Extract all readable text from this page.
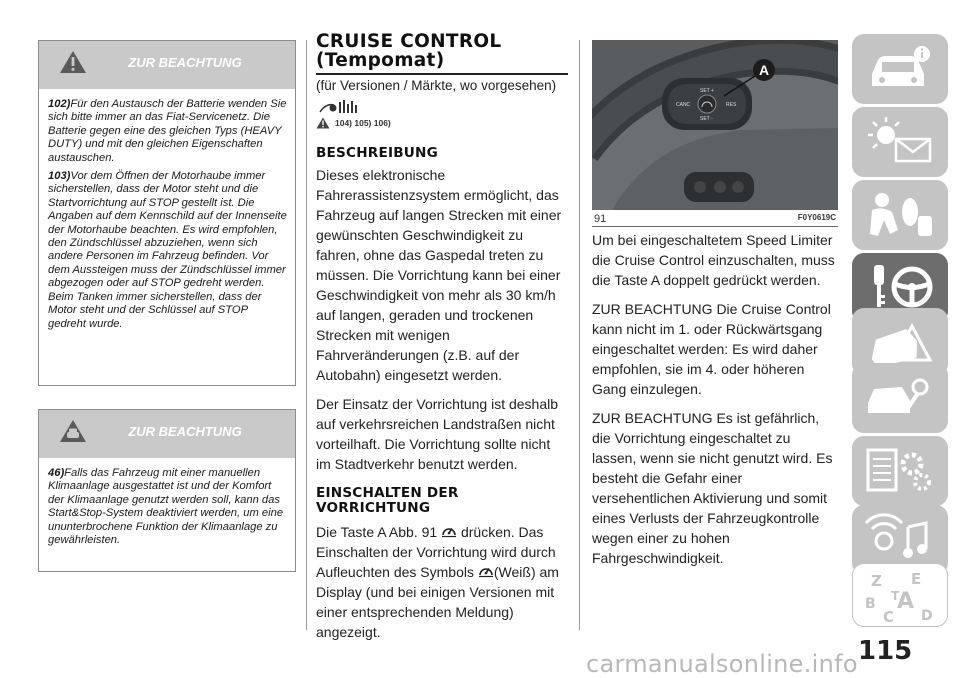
ZUR BEACHTUNG

102)Für den Austausch der Batterie wenden Sie sich bitte immer an das Fiat-Servicenetz. Die Batterie gegen eine des gleichen Typs (HEAVY DUTY) und mit den gleichen Eigenschaften austauschen.

103)Vor dem Öffnen der Motorhaube immer sicherstellen, dass der Motor steht und die Startvorrichtung auf STOP gestellt ist. Die Angaben auf dem Kennschild auf der Innenseite der Motorhaube beachten. Es wird empfohlen, den Zündschlüssel abzuziehen, wenn sich andere Personen im Fahrzeug befinden. Vor dem Aussteigen muss der Zündschlüssel immer abgezogen oder auf STOP gedreht werden. Beim Tanken immer sicherstellen, dass der Motor steht und der Schlüssel auf STOP gedreht wurde.

ZUR BEACHTUNG

46)Falls das Fahrzeug mit einer manuellen Klimaanlage ausgestattet ist und der Komfort der Klimaanlage genutzt werden soll, kann das Start&Stop-System deaktiviert werden, um eine ununterbrochene Funktion der Klimaanlage zu gewährleisten.

CRUISE CONTROL
(Tempomat)
(für Versionen / Märkte, wo vorgesehen)
104) 105) 106)
BESCHREIBUNG
Dieses elektronische Fahrerassistenzsystem ermöglicht, das Fahrzeug auf langen Strecken mit einer gewünschten Geschwindigkeit zu fahren, ohne das Gaspedal treten zu müssen. Die Vorrichtung kann bei einer Geschwindigkeit von mehr als 30 km/h auf langen, geraden und trockenen Strecken mit wenigen Fahrveränderungen (z.B. auf der Autobahn) eingesetzt werden.
Der Einsatz der Vorrichtung ist deshalb auf verkehrsreichen Landstraßen nicht vorteilhaft. Die Vorrichtung sollte nicht im Stadtverkehr benutzt werden.
EINSCHALTEN DER
VORRICHTUNG
Die Taste A Abb. 91 drücken. Das Einschalten der Vorrichtung wird durch Aufleuchten des Symbols (Weiß) am Display (und bei einigen Versionen mit einer entsprechenden Meldung) angezeigt.
SET +
CANC	RES
SET -
A
91	F0Y0619C
Um bei eingeschaltetem Speed Limiter die Cruise Control einzuschalten, muss die Taste A doppelt gedrückt werden.
ZUR BEACHTUNG Die Cruise Control kann nicht im 1. oder Rückwärtsgang eingeschaltet werden: Es wird daher empfohlen, sie im 4. oder höheren Gang einzulegen.
ZUR BEACHTUNG Es ist gefährlich, die Vorrichtung eingeschaltet zu lassen, wenn sie nicht genutzt wird. Es besteht die Gefahr einer versehentlichen Aktivierung und somit eines Verlusts der Fahrzeugkontrolle wegen einer zu hohen Fahrgeschwindigkeit.
Z E
B A
C
T
D
115
carmanualsonline.info
